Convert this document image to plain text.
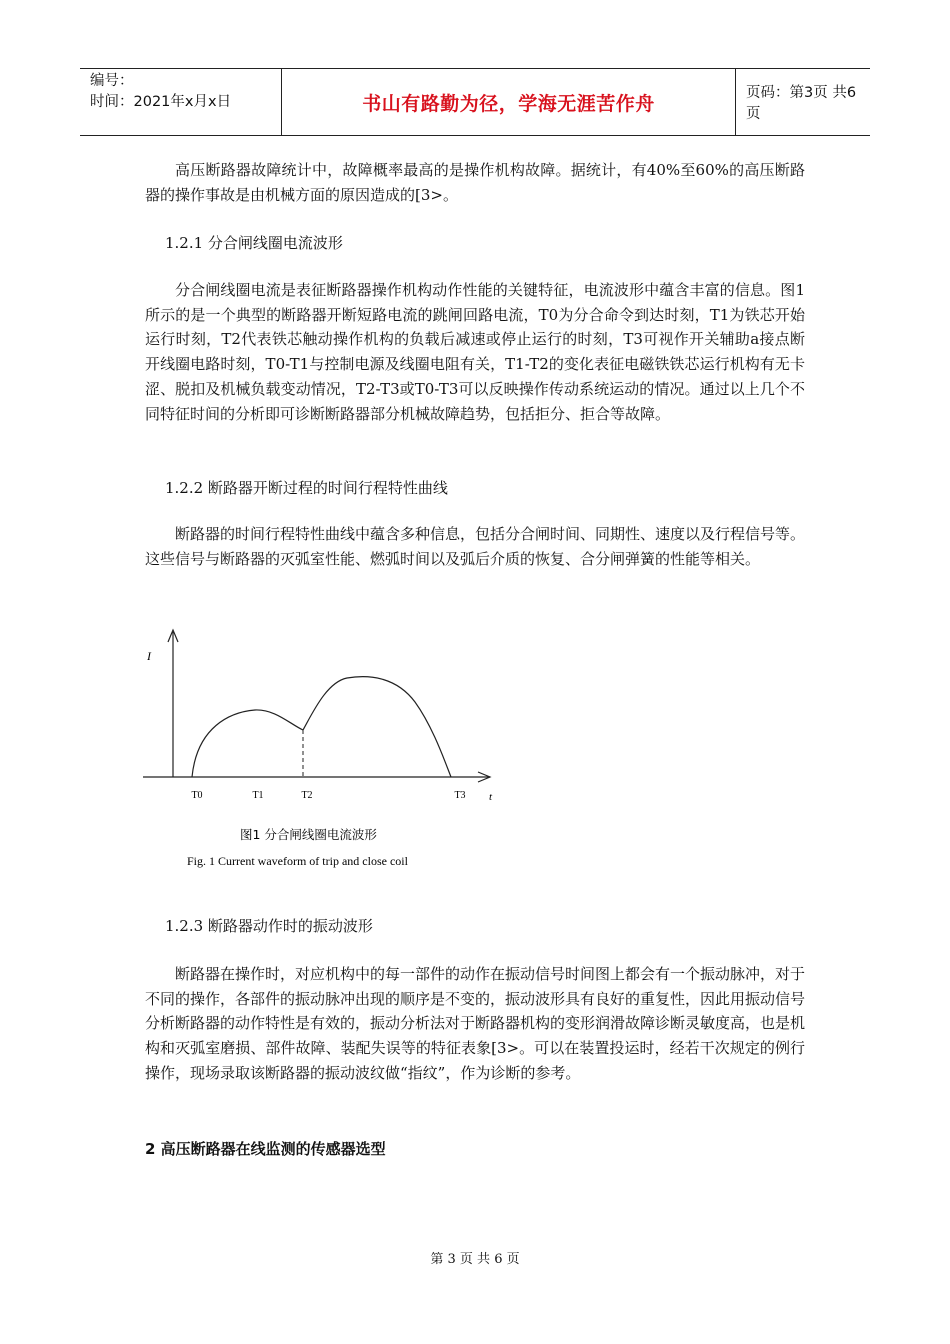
编号：
时间：2021年x月x日	书山有路勤为径，学海无涯苦作舟	页码：第3页 共6页

高压断路器故障统计中，故障概率最高的是操作机构故障。据统计，有40%至60%的高压断路器的操作事故是由机械方面的原因造成的[3>。

1.2.1 分合闸线圈电流波形

分合闸线圈电流是表征断路器操作机构动作性能的关键特征，电流波形中蕴含丰富的信息。图1所示的是一个典型的断路器开断短路电流的跳闸回路电流，T0为分合命令到达时刻，T1为铁芯开始运行时刻，T2代表铁芯触动操作机构的负载后减速或停止运行的时刻，T3可视作开关辅助a接点断开线圈电路时刻，T0-T1与控制电源及线圈电阻有关，T1-T2的变化表征电磁铁铁芯运行机构有无卡涩、脱扣及机械负载变动情况，T2-T3或T0-T3可以反映操作传动系统运动的情况。通过以上几个不同特征时间的分析即可诊断断路器部分机械故障趋势，包括拒分、拒合等故障。

1.2.2 断路器开断过程的时间行程特性曲线

断路器的时间行程特性曲线中蕴含多种信息，包括分合闸时间、同期性、速度以及行程信号等。这些信号与断路器的灭弧室性能、燃弧时间以及弧后介质的恢复、合分闸弹簧的性能等相关。

I
t
T0	T1	T2	T3
图1 分合闸线圈电流波形
Fig. 1 Current waveform of trip and close coil

1.2.3 断路器动作时的振动波形

断路器在操作时，对应机构中的每一部件的动作在振动信号时间图上都会有一个振动脉冲，对于不同的操作，各部件的振动脉冲出现的顺序是不变的，振动波形具有良好的重复性，因此用振动信号分析断路器的动作特性是有效的，振动分析法对于断路器机构的变形润滑故障诊断灵敏度高，也是机构和灭弧室磨损、部件故障、装配失误等的特征表象[3>。可以在装置投运时，经若干次规定的例行操作，现场录取该断路器的振动波纹做“指纹”，作为诊断的参考。

2 高压断路器在线监测的传感器选型

第 3 页 共 6 页
